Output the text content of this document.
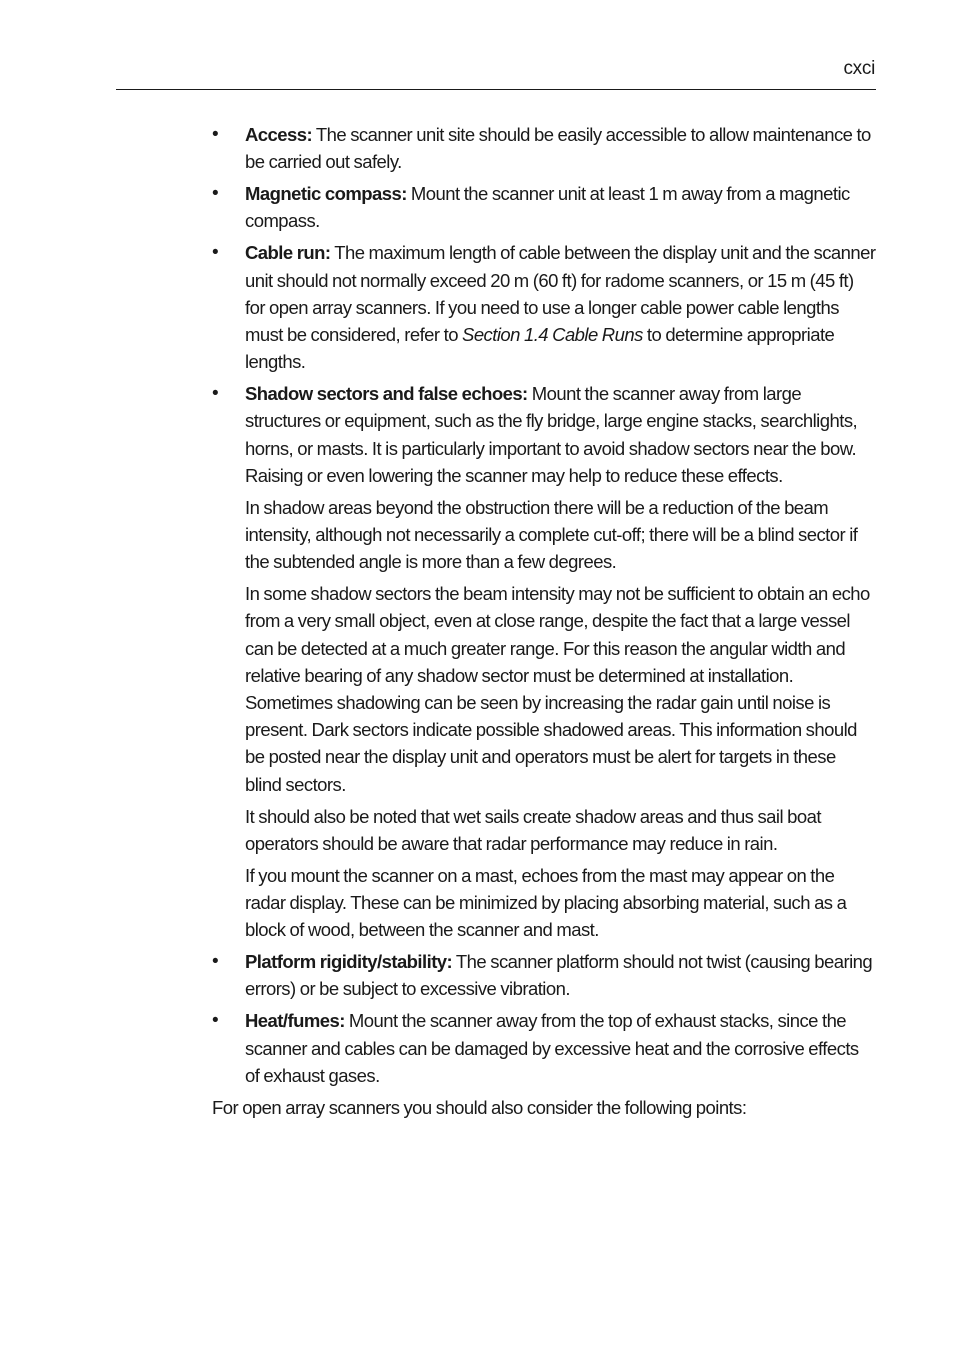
cxci
• Access: The scanner unit site should be easily accessible to allow maintenance to be carried out safely.

• Magnetic compass: Mount the scanner unit at least 1 m away from a magnetic compass.

• Cable run: The maximum length of cable between the display unit and the scanner unit should not normally exceed 20 m (60 ft) for radome scanners, or 15 m (45 ft) for open array scanners. If you need to use a longer cable power cable lengths must be considered, refer to Section 1.4 Cable Runs to determine appropriate lengths.

• Shadow sectors and false echoes: Mount the scanner away from large structures or equipment, such as the fly bridge, large engine stacks, searchlights, horns, or masts. It is particularly important to avoid shadow sectors near the bow. Raising or even lowering the scanner may help to reduce these effects.

In shadow areas beyond the obstruction there will be a reduction of the beam intensity, although not necessarily a complete cut-off; there will be a blind sector if the subtended angle is more than a few degrees.

In some shadow sectors the beam intensity may not be sufficient to obtain an echo from a very small object, even at close range, despite the fact that a large vessel can be detected at a much greater range. For this reason the angular width and relative bearing of any shadow sector must be determined at installation. Sometimes shadowing can be seen by increasing the radar gain until noise is present. Dark sectors indicate possible shadowed areas. This information should be posted near the display unit and operators must be alert for targets in these blind sectors.

It should also be noted that wet sails create shadow areas and thus sail boat operators should be aware that radar performance may reduce in rain.

If you mount the scanner on a mast, echoes from the mast may appear on the radar display. These can be minimized by placing absorbing material, such as a block of wood, between the scanner and mast.

• Platform rigidity/stability: The scanner platform should not twist (causing bearing errors) or be subject to excessive vibration.

• Heat/fumes: Mount the scanner away from the top of exhaust stacks, since the scanner and cables can be damaged by excessive heat and the corrosive effects of exhaust gases.

For open array scanners you should also consider the following points:
